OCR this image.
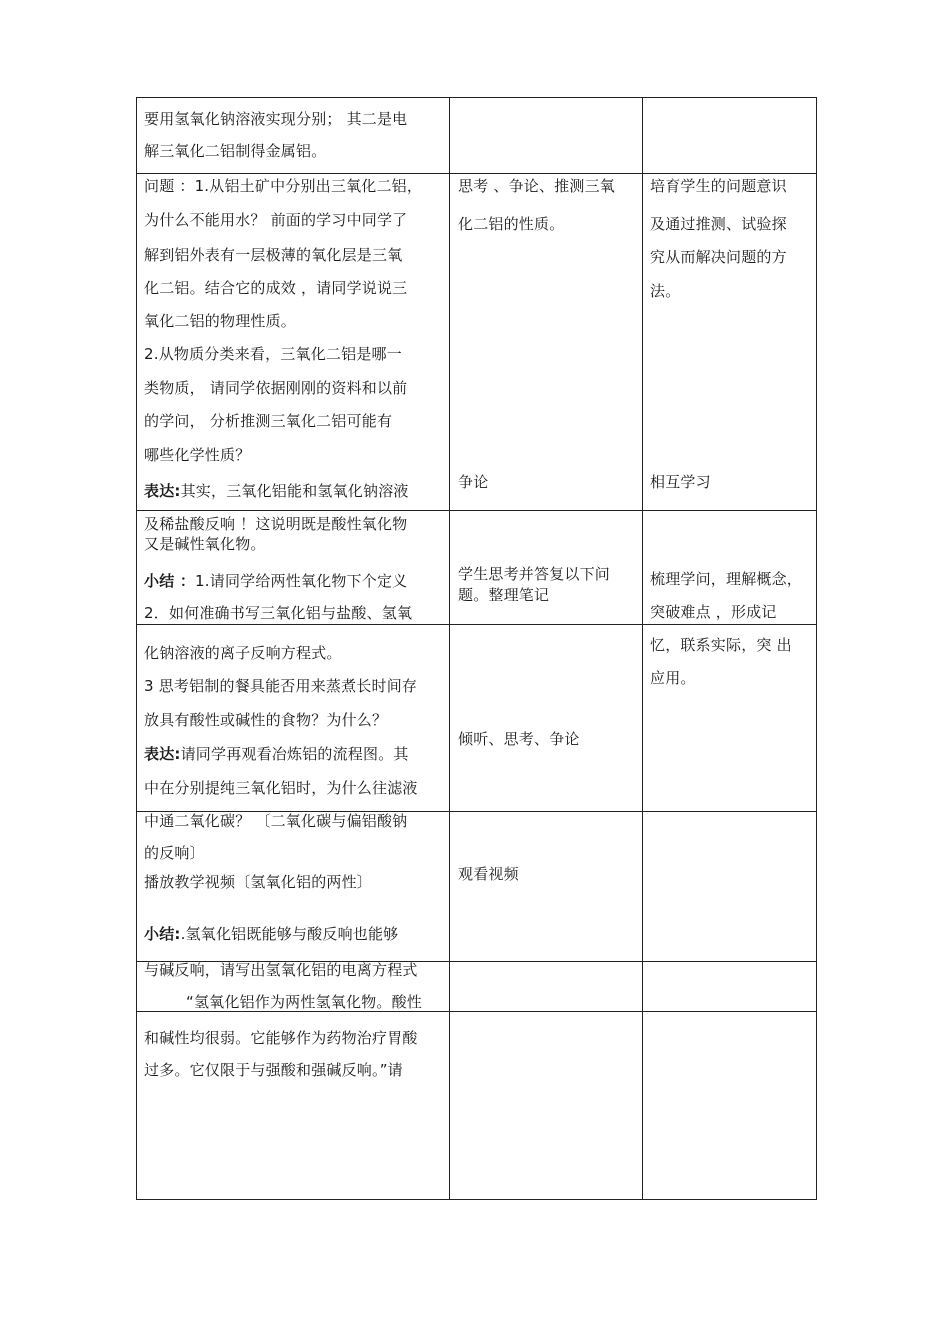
要用氢氧化钠溶液实现分别； 其二是电
解三氧化二铝制得金属铝。
问题 ：1.从铝土矿中分别出三氧化二铝，
为什么不能用水？ 前面的学习中同学了
解到铝外表有一层极薄的氧化层是三氧
化二铝。结合它的成效 ，请同学说说三
氧化二铝的物理性质。
2.从物质分类来看，三氧化二铝是哪一
类物质， 请同学依据刚刚的资料和以前
的学问， 分析推测三氧化二铝可能有
哪些化学性质？
表达:其实，三氧化铝能和氢氧化钠溶液
思考 、争论、推测三氧
化二铝的性质。
争论
培育学生的问题意识
及通过推测、试验探
究从而解决问题的方
法。
相互学习
及稀盐酸反响 ！这说明既是酸性氧化物
又是碱性氧化物。
小结 ：1.请同学给两性氧化物下个定义
2．如何准确书写三氧化铝与盐酸、氢氧
学生思考并答复以下问
题。整理笔记
梳理学问，理解概念，
突破难点 ，形成记
化钠溶液的离子反响方程式。
3 思考铝制的餐具能否用来蒸煮长时间存
放具有酸性或碱性的食物？为什么？
表达:请同学再观看冶炼铝的流程图。其
中在分别提纯三氧化铝时，为什么往滤液
倾听、思考、争论
忆，联系实际，突 出
应用。
中通二氧化碳？ 〔二氧化碳与偏铝酸钠
的反响〕
播放教学视频〔氢氧化铝的两性〕
小结:.氢氧化铝既能够与酸反响也能够
观看视频
与碱反响，请写出氢氧化铝的电离方程式
“氢氧化铝作为两性氢氧化物。酸性
和碱性均很弱。它能够作为药物治疗胃酸
过多。它仅限于与强酸和强碱反响。”请
